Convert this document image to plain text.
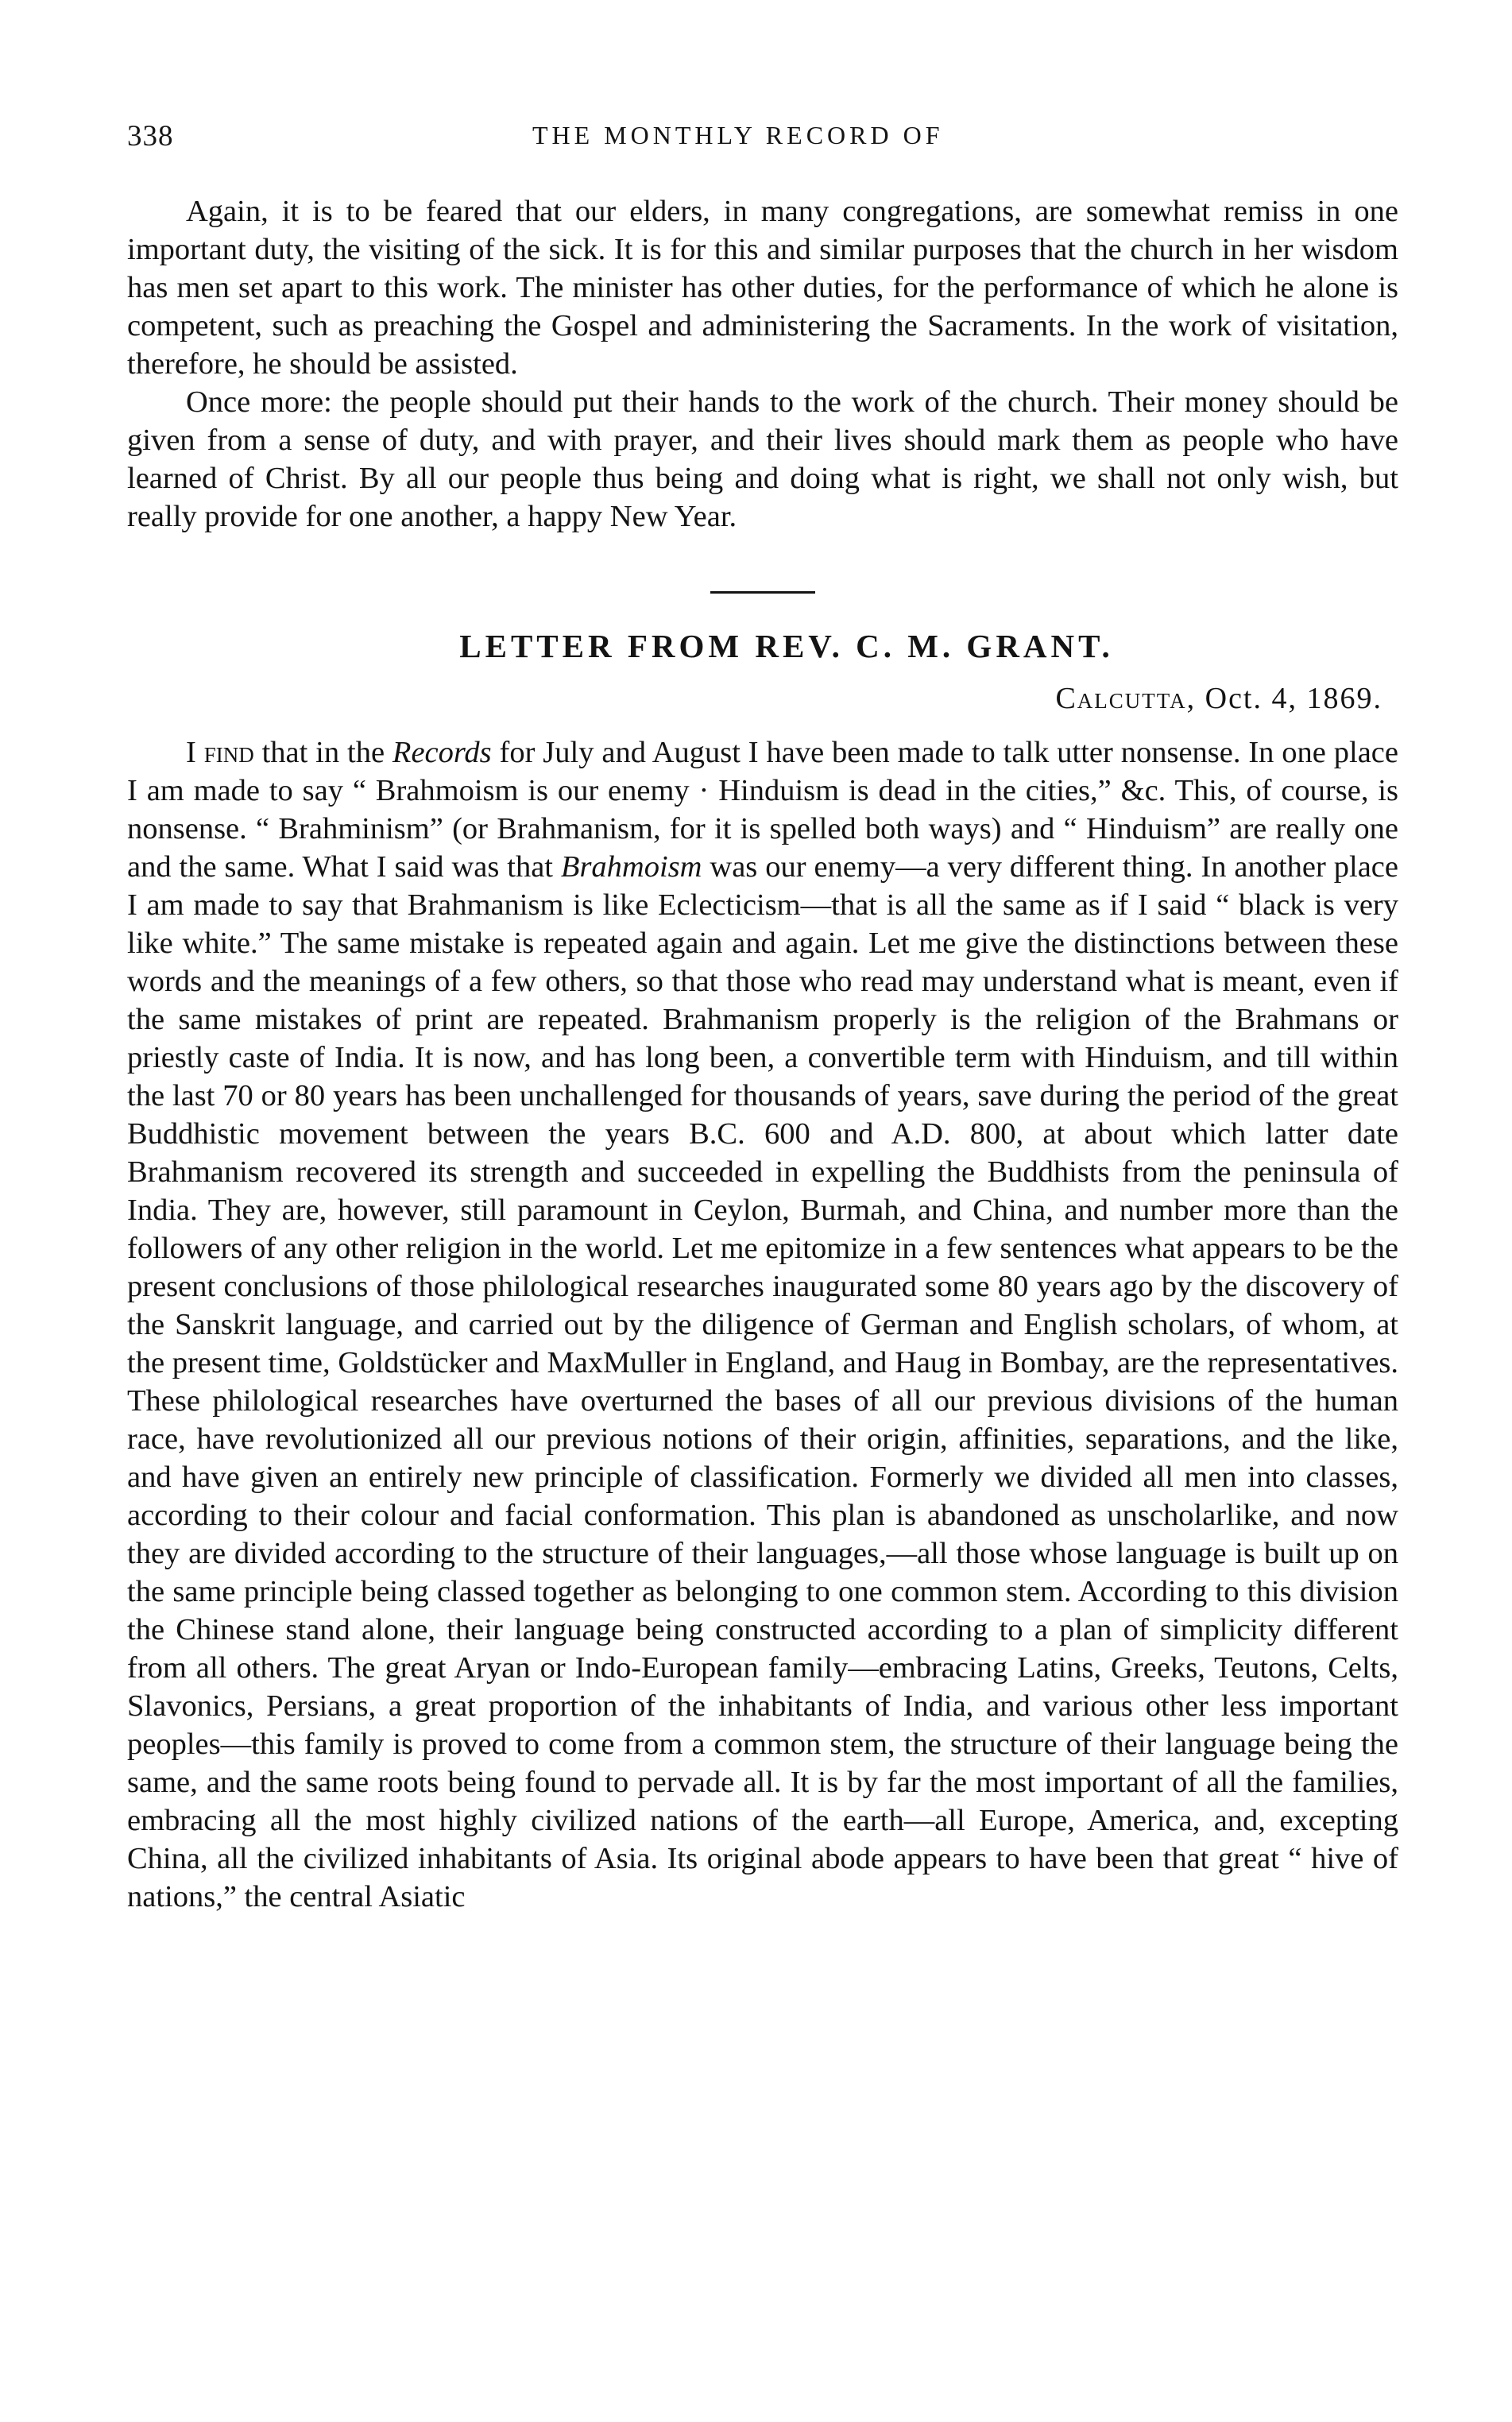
338	THE MONTHLY RECORD OF

Again, it is to be feared that our elders, in many congregations, are somewhat remiss in one important duty, the visiting of the sick. It is for this and similar purposes that the church in her wisdom has men set apart to this work. The minister has other duties, for the performance of which he alone is competent, such as preaching the Gospel and administering the Sacraments. In the work of visitation, therefore, he should be assisted.

Once more: the people should put their hands to the work of the church. Their money should be given from a sense of duty, and with prayer, and their lives should mark them as people who have learned of Christ. By all our people thus being and doing what is right, we shall not only wish, but really provide for one another, a happy New Year.

LETTER FROM REV. C. M. GRANT.
Calcutta, Oct. 4, 1869.

I find that in the Records for July and August I have been made to talk utter nonsense. In one place I am made to say “ Brahmoism is our enemy · Hinduism is dead in the cities,” &c. This, of course, is nonsense. “ Brahminism” (or Brahmanism, for it is spelled both ways) and “ Hinduism” are really one and the same. What I said was that Brahmoism was our enemy—a very different thing. In another place I am made to say that Brahmanism is like Eclecticism—that is all the same as if I said “ black is very like white.” The same mistake is repeated again and again. Let me give the distinctions between these words and the meanings of a few others, so that those who read may understand what is meant, even if the same mistakes of print are repeated. Brahmanism properly is the religion of the Brahmans or priestly caste of India. It is now, and has long been, a convertible term with Hinduism, and till within the last 70 or 80 years has been unchallenged for thousands of years, save during the period of the great Buddhistic movement between the years B.C. 600 and A.D. 800, at about which latter date Brahmanism recovered its strength and succeeded in expelling the Buddhists from the peninsula of India. They are, however, still paramount in Ceylon, Burmah, and China, and number more than the followers of any other religion in the world. Let me epitomize in a few sentences what appears to be the present conclusions of those philological researches inaugurated some 80 years ago by the discovery of the Sanskrit language, and carried out by the diligence of German and English scholars, of whom, at the present time, Goldstücker and MaxMuller in England, and Haug in Bombay, are the representatives. These philological researches have overturned the bases of all our previous divisions of the human race, have revolutionized all our previous notions of their origin, affinities, separations, and the like, and have given an entirely new principle of classification. Formerly we divided all men into classes, according to their colour and facial conformation. This plan is abandoned as unscholarlike, and now they are divided according to the structure of their languages,—all those whose language is built up on the same principle being classed together as belonging to one common stem. According to this division the Chinese stand alone, their language being constructed according to a plan of simplicity different from all others. The great Aryan or Indo-European family—embracing Latins, Greeks, Teutons, Celts, Slavonics, Persians, a great proportion of the inhabitants of India, and various other less important peoples—this family is proved to come from a common stem, the structure of their language being the same, and the same roots being found to pervade all. It is by far the most important of all the families, embracing all the most highly civilized nations of the earth—all Europe, America, and, excepting China, all the civilized inhabitants of Asia. Its original abode appears to have been that great “ hive of nations,” the central Asiatic
